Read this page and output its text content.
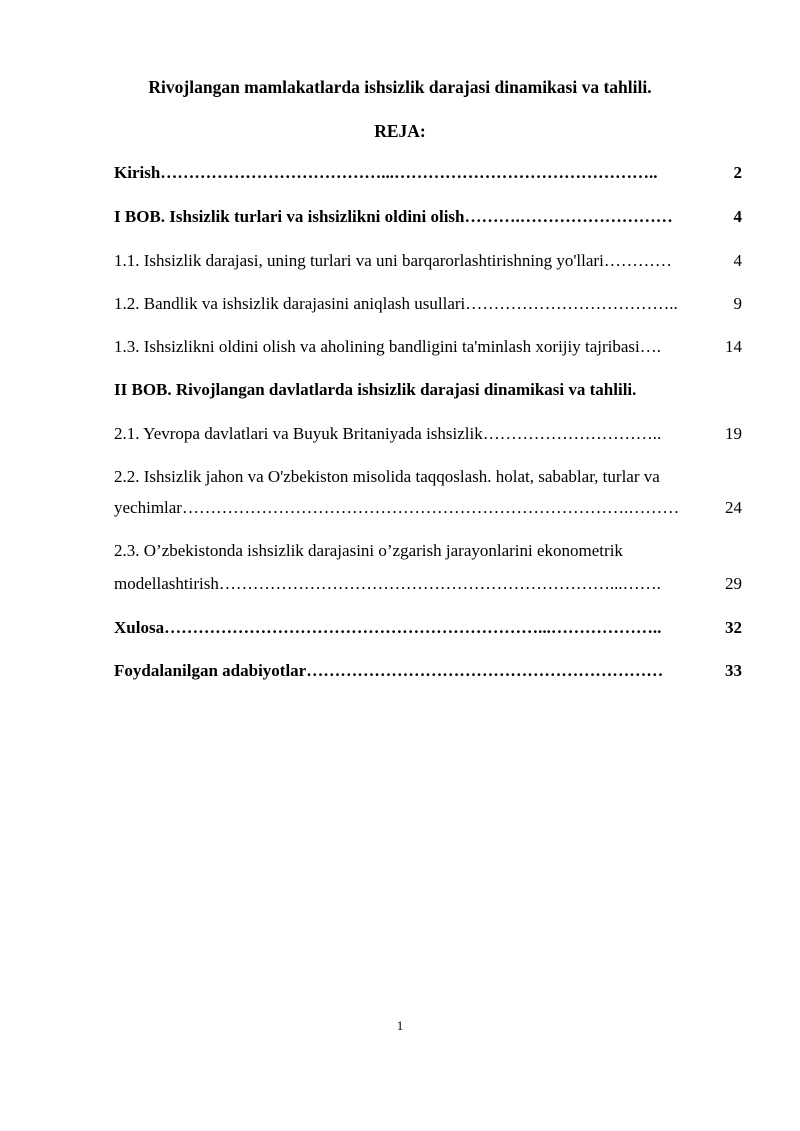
Rivojlangan mamlakatlarda ishsizlik darajasi dinamikasi va tahlili.
REJA:
Kirish…………………………………...………………………………………..	2
I BOB. Ishsizlik turlari va ishsizlikni oldini olish……….………………………	4
1.1. Ishsizlik darajasi, uning turlari va uni barqarorlashtirishning yo'llari…………	4
1.2. Bandlik va ishsizlik darajasini aniqlash usullari………………………………..	9
1.3. Ishsizlikni oldini olish va aholining bandligini ta'minlash xorijiy tajribasi….	14
II BOB. Rivojlangan davlatlarda ishsizlik darajasi dinamikasi va tahlili.
2.1. Yevropa davlatlari va Buyuk Britaniyada ishsizlik…………………………..	19
2.2. Ishsizlik jahon va O'zbekiston misolida taqqoslash. holat, sabablar, turlar va
yechimlar…………………………………………………………………….………	24
2.3. O’zbekistonda ishsizlik darajasini o’zgarish jarayonlarini ekonometrik
modellashtirish……………………………………………………………...…….	29
Xulosa…………………………………………………………...………………..	32
Foydalanilgan adabiyotlar………………………………………………………	33
1
